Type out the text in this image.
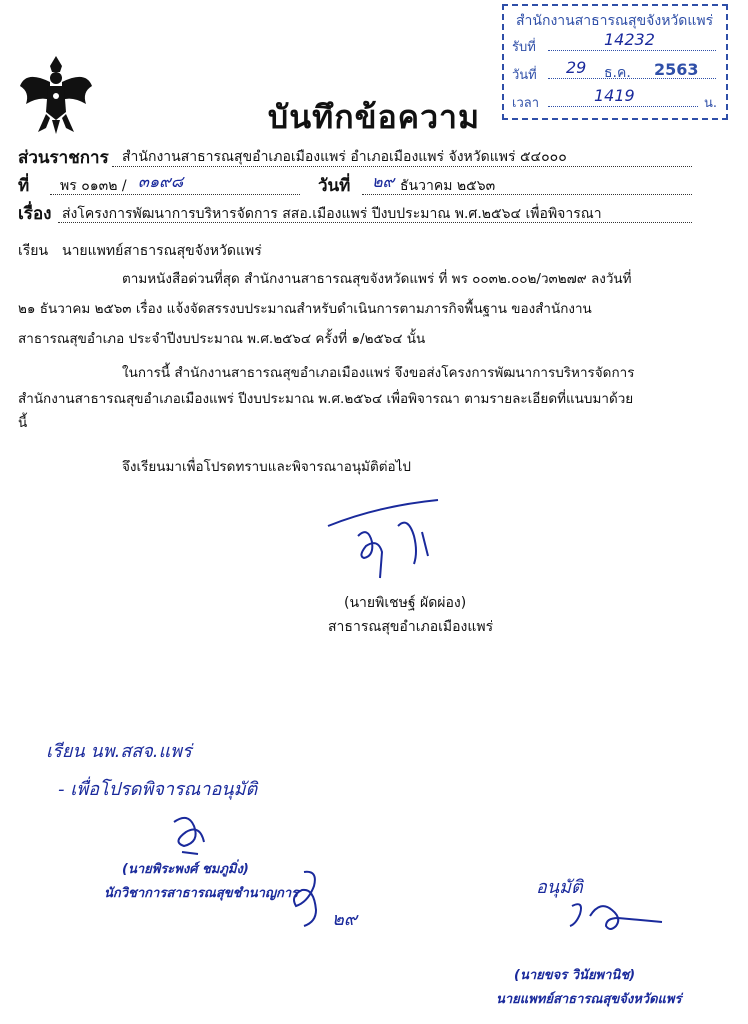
สำนักงานสาธารณสุขจังหวัดแพร่
รับที่	14232
วันที่ 29 ธ.ค. 2563
เวลา	1419	น.
บันทึกข้อความ
ส่วนราชการ สำนักงานสาธารณสุขอำเภอเมืองแพร่ อำเภอเมืองแพร่ จังหวัดแพร่ ๕๔๐๐๐
ที่ พร ๐๑๓๒ / ๓๑๙๘	วันที่ ๒๙ ธันวาคม ๒๕๖๓
เรื่อง ส่งโครงการพัฒนาการบริหารจัดการ สสอ.เมืองแพร่ ปีงบประมาณ พ.ศ.๒๕๖๔ เพื่อพิจารณา
เรียน นายแพทย์สาธารณสุขจังหวัดแพร่
ตามหนังสือด่วนที่สุด สำนักงานสาธารณสุขจังหวัดแพร่ ที่ พร ๐๐๓๒.๐๐๒/ว๓๒๗๙ ลงวันที่
๒๑ ธันวาคม ๒๕๖๓ เรื่อง แจ้งจัดสรรงบประมาณสำหรับดำเนินการตามภารกิจพื้นฐาน ของสำนักงาน
สาธารณสุขอำเภอ ประจำปีงบประมาณ พ.ศ.๒๕๖๔ ครั้งที่ ๑/๒๕๖๔ นั้น
ในการนี้ สำนักงานสาธารณสุขอำเภอเมืองแพร่ จึงขอส่งโครงการพัฒนาการบริหารจัดการ
สำนักงานสาธารณสุขอำเภอเมืองแพร่ ปีงบประมาณ พ.ศ.๒๕๖๔ เพื่อพิจารณา ตามรายละเอียดที่แนบมาด้วย
นี้
จึงเรียนมาเพื่อโปรดทราบและพิจารณาอนุมัติต่อไป
(นายพิเชษฐ์ ผัดผ่อง)
สาธารณสุขอำเภอเมืองแพร่
เรียน นพ.สสจ.แพร่
- เพื่อโปรดพิจารณาอนุมัติ
(นายพิระพงศ์ ชมภูมิ่ง)
นักวิชาการสาธารณสุขชำนาญการ
๒๙
อนุมัติ
(นายขจร วินัยพานิช)
นายแพทย์สาธารณสุขจังหวัดแพร่
